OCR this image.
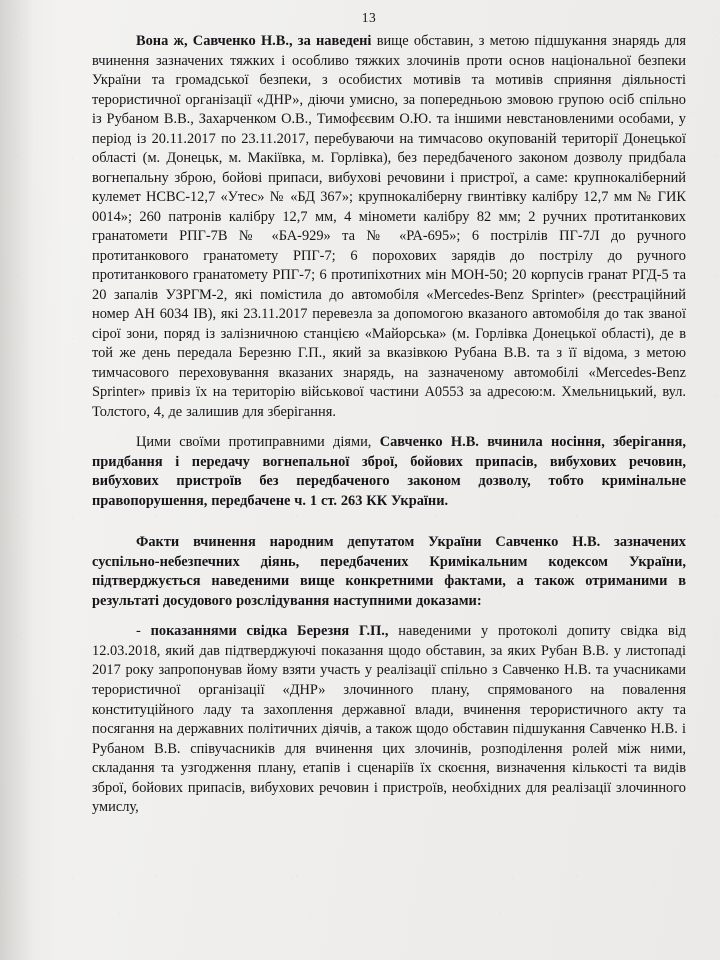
13

Вона ж, Савченко Н.В., за наведені вище обставин, з метою підшукання знарядь для вчинення зазначених тяжких і особливо тяжких злочинів проти основ національної безпеки України та громадської безпеки, з особистих мотивів та мотивів сприяння діяльності терористичної організації «ДНР», діючи умисно, за попередньою змовою групою осіб спільно із Рубаном В.В., Захарченком О.В., Тимофєєвим О.Ю. та іншими невстановленими особами, у період із 20.11.2017 по 23.11.2017, перебуваючи на тимчасово окупованій території Донецької області (м. Донецьк, м. Макіївка, м. Горлівка), без передбаченого законом дозволу придбала вогнепальну зброю, бойові припаси, вибухові речовини і пристрої, а саме: крупнокаліберний кулемет НСВС-12,7 «Утес» № «БД 367»; крупнокаліберну гвинтівку калібру 12,7 мм № ГИК 0014»; 260 патронів калібру 12,7 мм, 4 міномети калібру 82 мм; 2 ручних протитанкових гранатомети РПГ-7В № «БА-929» та № «РА-695»; 6 пострілів ПГ-7Л до ручного протитанкового гранатомету РПГ-7; 6 порохових зарядів до пострілу до ручного протитанкового гранатомету РПГ-7; 6 протипіхотних мін МОН-50; 20 корпусів гранат РГД-5 та 20 запалів УЗРГМ-2, які помістила до автомобіля «Mercedes-Benz Sprinter» (реєстраційний номер АН 6034 ІВ), які 23.11.2017 перевезла за допомогою вказаного автомобіля до так званої сірої зони, поряд із залізничною станцією «Майорська» (м. Горлівка Донецької області), де в той же день передала Березню Г.П., який за вказівкою Рубана В.В. та з її відома, з метою тимчасового переховування вказаних знарядь, на зазначеному автомобілі «Mercedes-Benz Sprinter» привіз їх на територію військової частини А0553 за адресою:м. Хмельницький, вул. Толстого, 4, де залишив для зберігання.

Цими своїми протиправними діями, Савченко Н.В. вчинила носіння, зберігання, придбання і передачу вогнепальної зброї, бойових припасів, вибухових речовин, вибухових пристроїв без передбаченого законом дозволу, тобто кримінальне правопорушення, передбачене ч. 1 ст. 263 КК України.

Факти вчинення народним депутатом України Савченко Н.В. зазначених суспільно-небезпечних діянь, передбачених Кримікальним кодексом України, підтверджується наведеними вище конкретними фактами, а також отриманими в результаті досудового розслідування наступними доказами:

- показаннями свідка Березня Г.П., наведеними у протоколі допиту свідка від 12.03.2018, який дав підтверджуючі показання щодо обставин, за яких Рубан В.В. у листопаді 2017 року запропонував йому взяти участь у реалізації спільно з Савченко Н.В. та учасниками терористичної організації «ДНР» злочинного плану, спрямованого на повалення конституційного ладу та захоплення державної влади, вчинення терористичного акту та посягання на державних політичних діячів, а також щодо обставин підшукання Савченко Н.В. і Рубаном В.В. співучасників для вчинення цих злочинів, розподілення ролей між ними, складання та узгодження плану, етапів і сценаріїв їх скоєння, визначення кількості та видів зброї, бойових припасів, вибухових речовин і пристроїв, необхідних для реалізації злочинного умислу,
